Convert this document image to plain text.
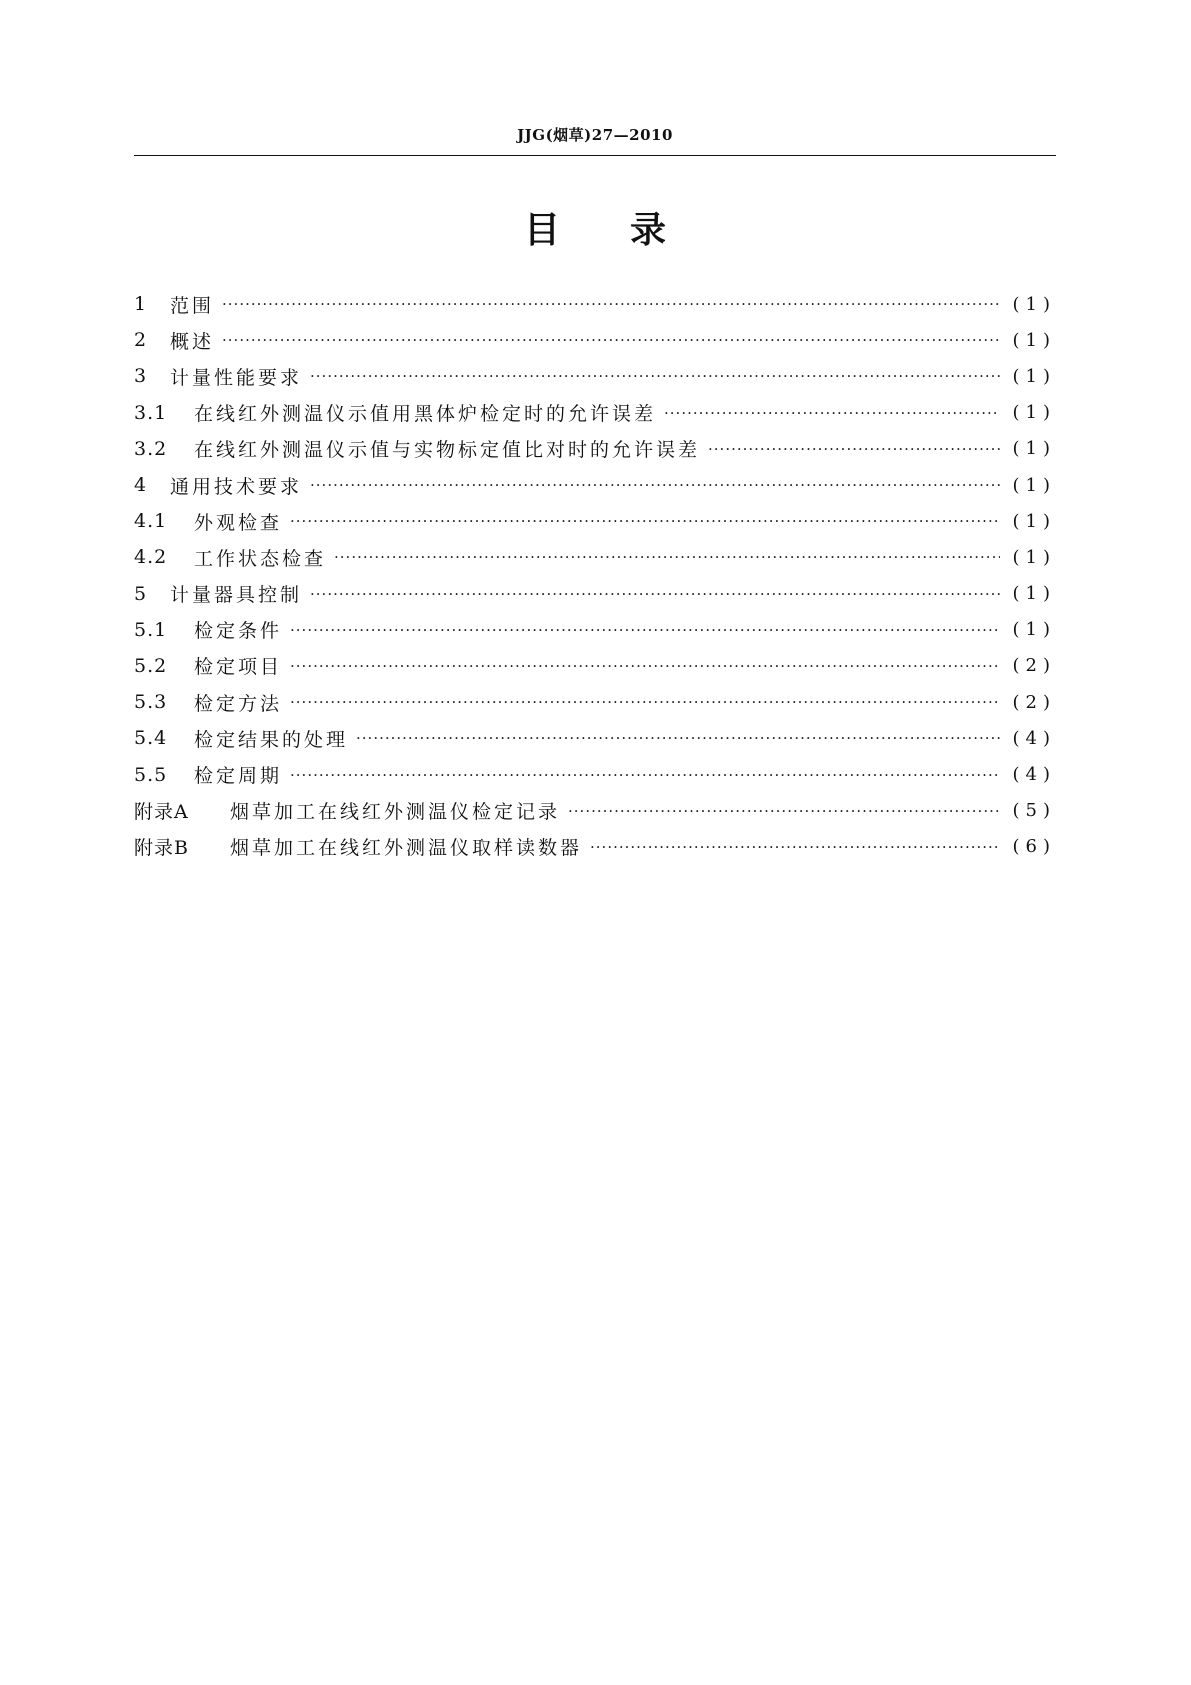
JJG(烟草)27—2010
目录
1	范围 ·····	(1)
2	概述 ·····	(1)
3	计量性能要求 ·····	(1)
3.1	在线红外测温仪示值用黑体炉检定时的允许误差 ·····	(1)
3.2	在线红外测温仪示值与实物标定值比对时的允许误差 ·····	(1)
4	通用技术要求 ·····	(1)
4.1	外观检查 ·····	(1)
4.2	工作状态检查 ·····	(1)
5	计量器具控制 ·····	(1)
5.1	检定条件 ·····	(1)
5.2	检定项目 ·····	(2)
5.3	检定方法 ·····	(2)
5.4	检定结果的处理 ·····	(4)
5.5	检定周期 ·····	(4)
附录A	烟草加工在线红外测温仪检定记录 ·····	(5)
附录B	烟草加工在线红外测温仪取样读数器 ·····	(6)
